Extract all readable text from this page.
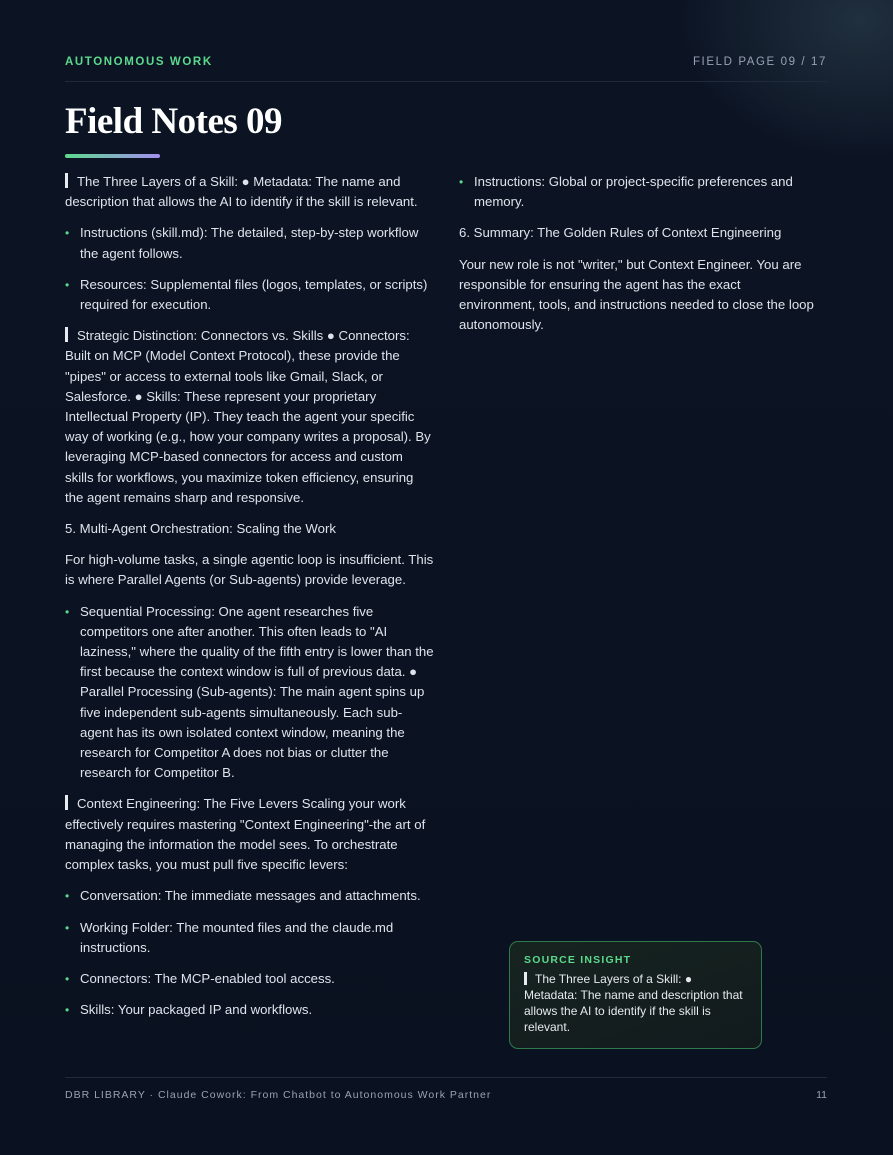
AUTONOMOUS WORK	FIELD PAGE 09 / 17
Field Notes 09

The Three Layers of a Skill: ● Metadata: The name and description that allows the AI to identify if the skill is relevant.

• Instructions (skill.md): The detailed, step-by-step workflow the agent follows.
• Resources: Supplemental files (logos, templates, or scripts) required for execution.

Strategic Distinction: Connectors vs. Skills ● Connectors: Built on MCP (Model Context Protocol), these provide the "pipes" or access to external tools like Gmail, Slack, or Salesforce. ● Skills: These represent your proprietary Intellectual Property (IP). They teach the agent your specific way of working (e.g., how your company writes a proposal). By leveraging MCP-based connectors for access and custom skills for workflows, you maximize token efficiency, ensuring the agent remains sharp and responsive.

5. Multi-Agent Orchestration: Scaling the Work

For high-volume tasks, a single agentic loop is insufficient. This is where Parallel Agents (or Sub-agents) provide leverage.

• Sequential Processing: One agent researches five competitors one after another. This often leads to "AI laziness," where the quality of the fifth entry is lower than the first because the context window is full of previous data. ● Parallel Processing (Sub-agents): The main agent spins up five independent sub-agents simultaneously. Each sub- agent has its own isolated context window, meaning the research for Competitor A does not bias or clutter the research for Competitor B.

Context Engineering: The Five Levers Scaling your work effectively requires mastering "Context Engineering"-the art of managing the information the model sees. To orchestrate complex tasks, you must pull five specific levers:

• Conversation: The immediate messages and attachments.
• Working Folder: The mounted files and the claude.md instructions.
• Connectors: The MCP-enabled tool access.
• Skills: Your packaged IP and workflows.
• Instructions: Global or project-specific preferences and memory.

6. Summary: The Golden Rules of Context Engineering

Your new role is not "writer," but Context Engineer. You are responsible for ensuring the agent has the exact environment, tools, and instructions needed to close the loop autonomously.

SOURCE INSIGHT
The Three Layers of a Skill: ● Metadata: The name and description that allows the AI to identify if the skill is relevant.
DBR LIBRARY · Claude Cowork: From Chatbot to Autonomous Work Partner	11
